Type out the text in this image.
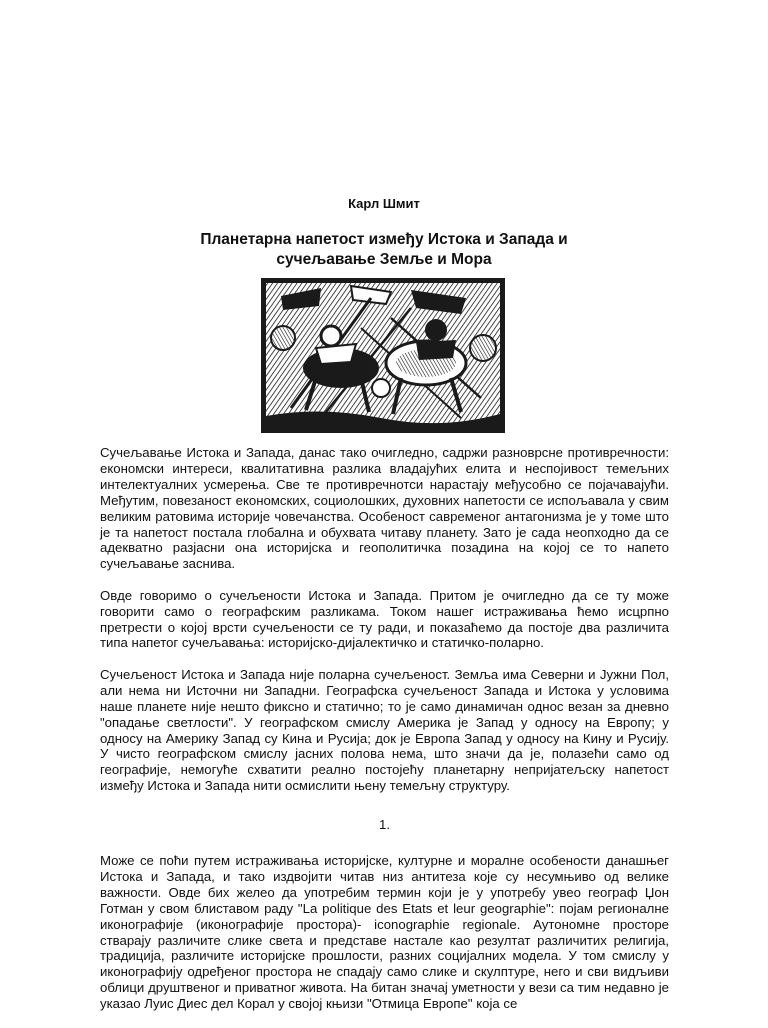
Карл Шмит
Планетарна напетост између Истока и Запада и
сучељавање Земље и Мора

Сучељавање Истока и Запада, данас тако очигледно, садржи разноврсне противречности: економски интереси, квалитативна разлика владајућих елита и неспојивост темељних интелектуалних усмерења. Све те противречнотси нарастају међусобно се појачавајући. Међутим, повезаност економских, социолошких, духовних напетости се испољавала у свим великим ратовима историје човечанства. Особеност савременог антагонизма је у томе што је та напетост постала глобална и обухвата читаву планету. Зато је сада неопходно да се адекватно разјасни она историјска и геополитичка позадина на којој се то напето сучељавање заснива.

Овде говоримо о сучељености Истока и Запада. Притом је очигледно да се ту може говорити само о географским разликама. Током нашег истраживања ћемо исцрпно претрести о којој врсти сучељености се ту ради, и показаћемо да постоје два различита типа напетог сучељавања: историјско-дијалектичко и статичко-поларно.

Сучељеност Истока и Запада није поларна сучељеност. Земља има Северни и Јужни Пол, али нема ни Источни ни Западни. Географска сучељеност Запада и Истока у условима наше планете није нешто фиксно и статично; то је само динамичан однос везан за дневно "опадање светлости". У географском смислу Америка је Запад у односу на Европу; у односу на Америку Запад су Кина и Русија; док је Европа Запад у односу на Кину и Русију. У чисто географском смислу јасних полова нема, што значи да је, полазећи само од географије, немогуће схватити реално постојећу планетарну непријатељску напетост између Истока и Запада нити осмислити њену темељну структуру.

1.

Може се поћи путем истраживања историјске, културне и моралне особености данашњег Истока и Запада, и тако издвојити читав низ антитеза које су несумњиво од велике важности. Овде бих желео да употребим термин који је у употребу увео географ Џон Готман у свом блиставом раду "La politique des Etats et leur geographie": појам регионалне иконографије (иконографије простора)- iconographie regionale. Аутономне просторе стварају различите слике света и представе настале као резултат различитих религија, традиција, различите историјске прошлости, разних социјалних модела. У том смислу у иконографију одређеног простора не спадају само слике и скулптуре, него и сви видљиви облици друштвеног и приватног живота. На битан значај уметности у вези са тим недавно је указао Луис Диес дел Корал у својој књизи "Отмица Европе" која се
